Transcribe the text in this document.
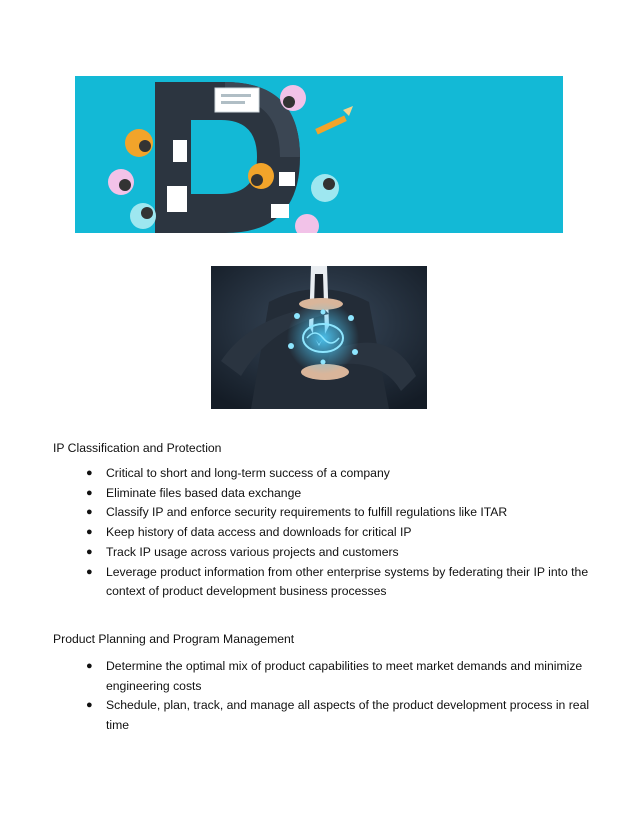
IP Classification and Protection
● Critical to short and long-term success of a company
● Eliminate files based data exchange
● Classify IP and enforce security requirements to fulfill regulations like ITAR
● Keep history of data access and downloads for critical IP
● Track IP usage across various projects and customers
● Leverage product information from other enterprise systems by federating their IP into the context of product development business processes
Product Planning and Program Management
● Determine the optimal mix of product capabilities to meet market demands and minimize engineering costs
● Schedule, plan, track, and manage all aspects of the product development process in real time
